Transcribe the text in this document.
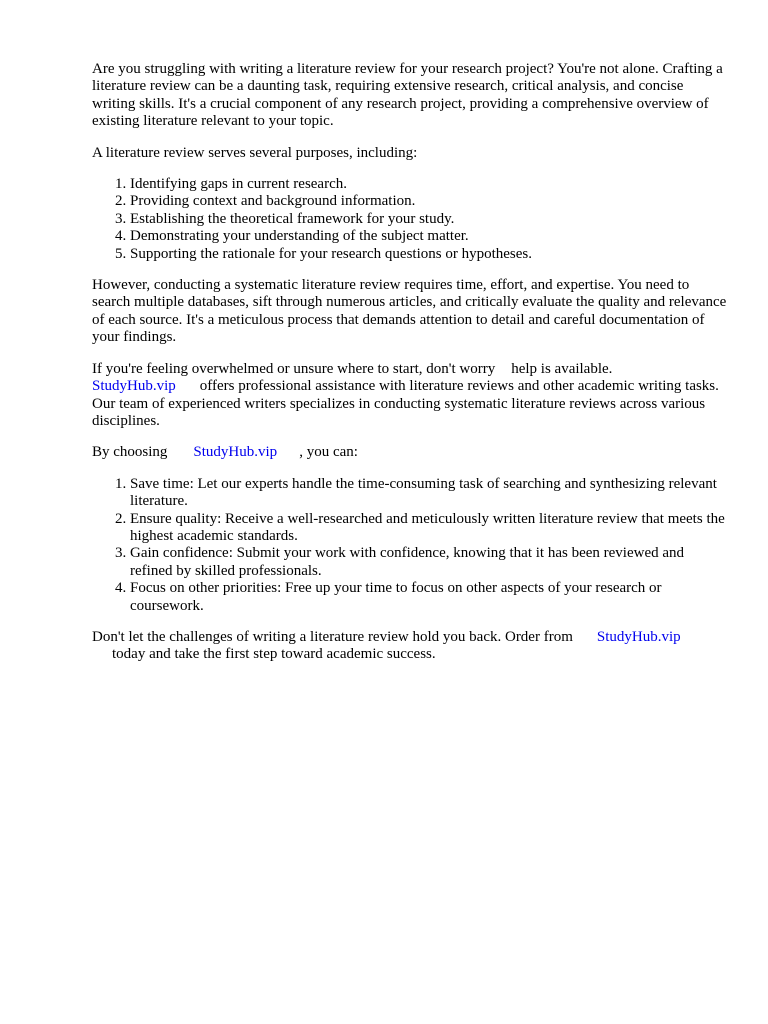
Are you struggling with writing a literature review for your research project? You're not alone. Crafting a literature review can be a daunting task, requiring extensive research, critical analysis, and concise writing skills. It's a crucial component of any research project, providing a comprehensive overview of existing literature relevant to your topic.

A literature review serves several purposes, including:

1. Identifying gaps in current research.
2. Providing context and background information.
3. Establishing the theoretical framework for your study.
4. Demonstrating your understanding of the subject matter.
5. Supporting the rationale for your research questions or hypotheses.

However, conducting a systematic literature review requires time, effort, and expertise. You need to search multiple databases, sift through numerous articles, and critically evaluate the quality and relevance of each source. It's a meticulous process that demands attention to detail and careful documentation of your findings.

If you're feeling overwhelmed or unsure where to start, don't worry help is available.
StudyHub.vip offers professional assistance with literature reviews and other academic writing tasks. Our team of experienced writers specializes in conducting systematic literature reviews across various disciplines.

By choosing StudyHub.vip , you can:

1. Save time: Let our experts handle the time-consuming task of searching and synthesizing relevant literature.
2. Ensure quality: Receive a well-researched and meticulously written literature review that meets the highest academic standards.
3. Gain confidence: Submit your work with confidence, knowing that it has been reviewed and refined by skilled professionals.
4. Focus on other priorities: Free up your time to focus on other aspects of your research or coursework.

Don't let the challenges of writing a literature review hold you back. Order from StudyHub.vip
today and take the first step toward academic success.
